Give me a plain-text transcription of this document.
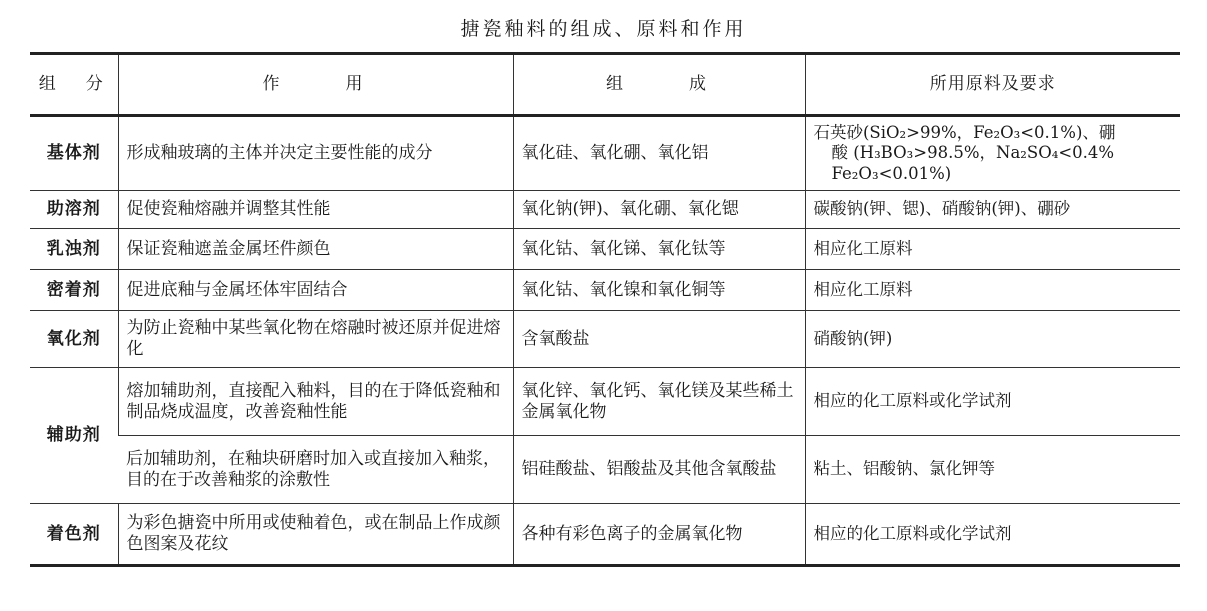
搪瓷釉料的组成、原料和作用
组 分	作 用	组 成	所用原料及要求
基体剂	形成釉玻璃的主体并决定主要性能的成分	氧化硅、氧化硼、氧化铝	石英砂(SiO₂>99%，Fe₂O₃<0.1%)、硼
酸 (H₃BO₃>98.5%，Na₂SO₄<0.4%
Fe₂O₃<0.01%)

助溶剂	促使瓷釉熔融并调整其性能	氧化钠(钾)、氧化硼、氧化锶	碳酸钠(钾、锶)、硝酸钠(钾)、硼砂
乳浊剂	保证瓷釉遮盖金属坯件颜色	氧化钴、氧化锑、氧化钛等	相应化工原料
密着剂	促进底釉与金属坯体牢固结合	氧化钴、氧化镍和氧化铜等	相应化工原料
氧化剂	为防止瓷釉中某些氧化物在熔融时被还原并促进熔化	含氧酸盐	硝酸钠(钾)
辅助剂	熔加辅助剂，直接配入釉料，目的在于降低瓷釉和制品烧成温度，改善瓷釉性能	氧化锌、氧化钙、氧化镁及某些稀土金属氧化物	相应的化工原料或化学试剂
	后加辅助剂，在釉块研磨时加入或直接加入釉浆，目的在于改善釉浆的涂敷性	铝硅酸盐、铝酸盐及其他含氧酸盐	粘土、铝酸钠、氯化钾等
着色剂	为彩色搪瓷中所用或使釉着色，或在制品上作成颜色图案及花纹	各种有彩色离子的金属氧化物	相应的化工原料或化学试剂
